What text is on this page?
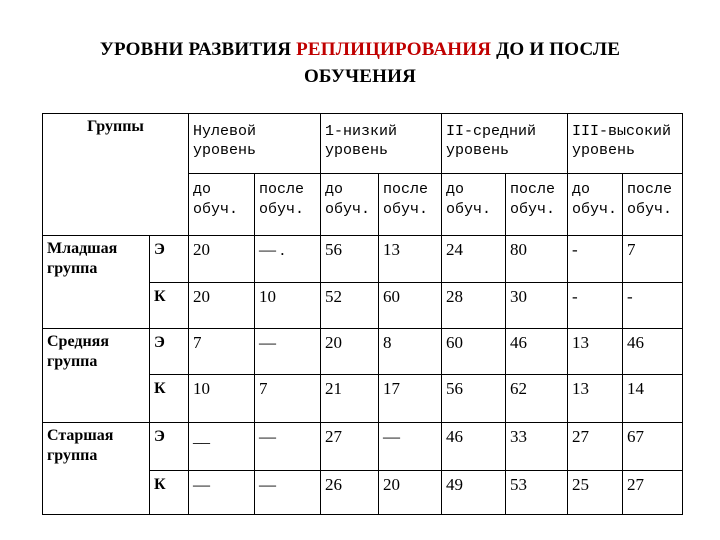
УРОВНИ РАЗВИТИЯ РЕПЛИЦИРОВАНИЯ ДО И ПОСЛЕ
ОБУЧЕНИЯ
Группы		Нулевой уровень		1-низкий уровень		II-средний уровень		III-высокий уровень	
		до обуч.	после обуч.	до обуч.	после обуч.	до обуч.	после обуч.	до обуч.	после обуч.
Младшая группа	Э	20	— .	56	13	24	80	-	7
	К	20	10	52	60	28	30	-	-
Средняя группа	Э	7	—	20	8	60	46	13	46
	К	10	7	21	17	56	62	13	14
Старшая группа	Э	__	—	27	—	46	33	27	67
	К	—	—	26	20	49	53	25	27
